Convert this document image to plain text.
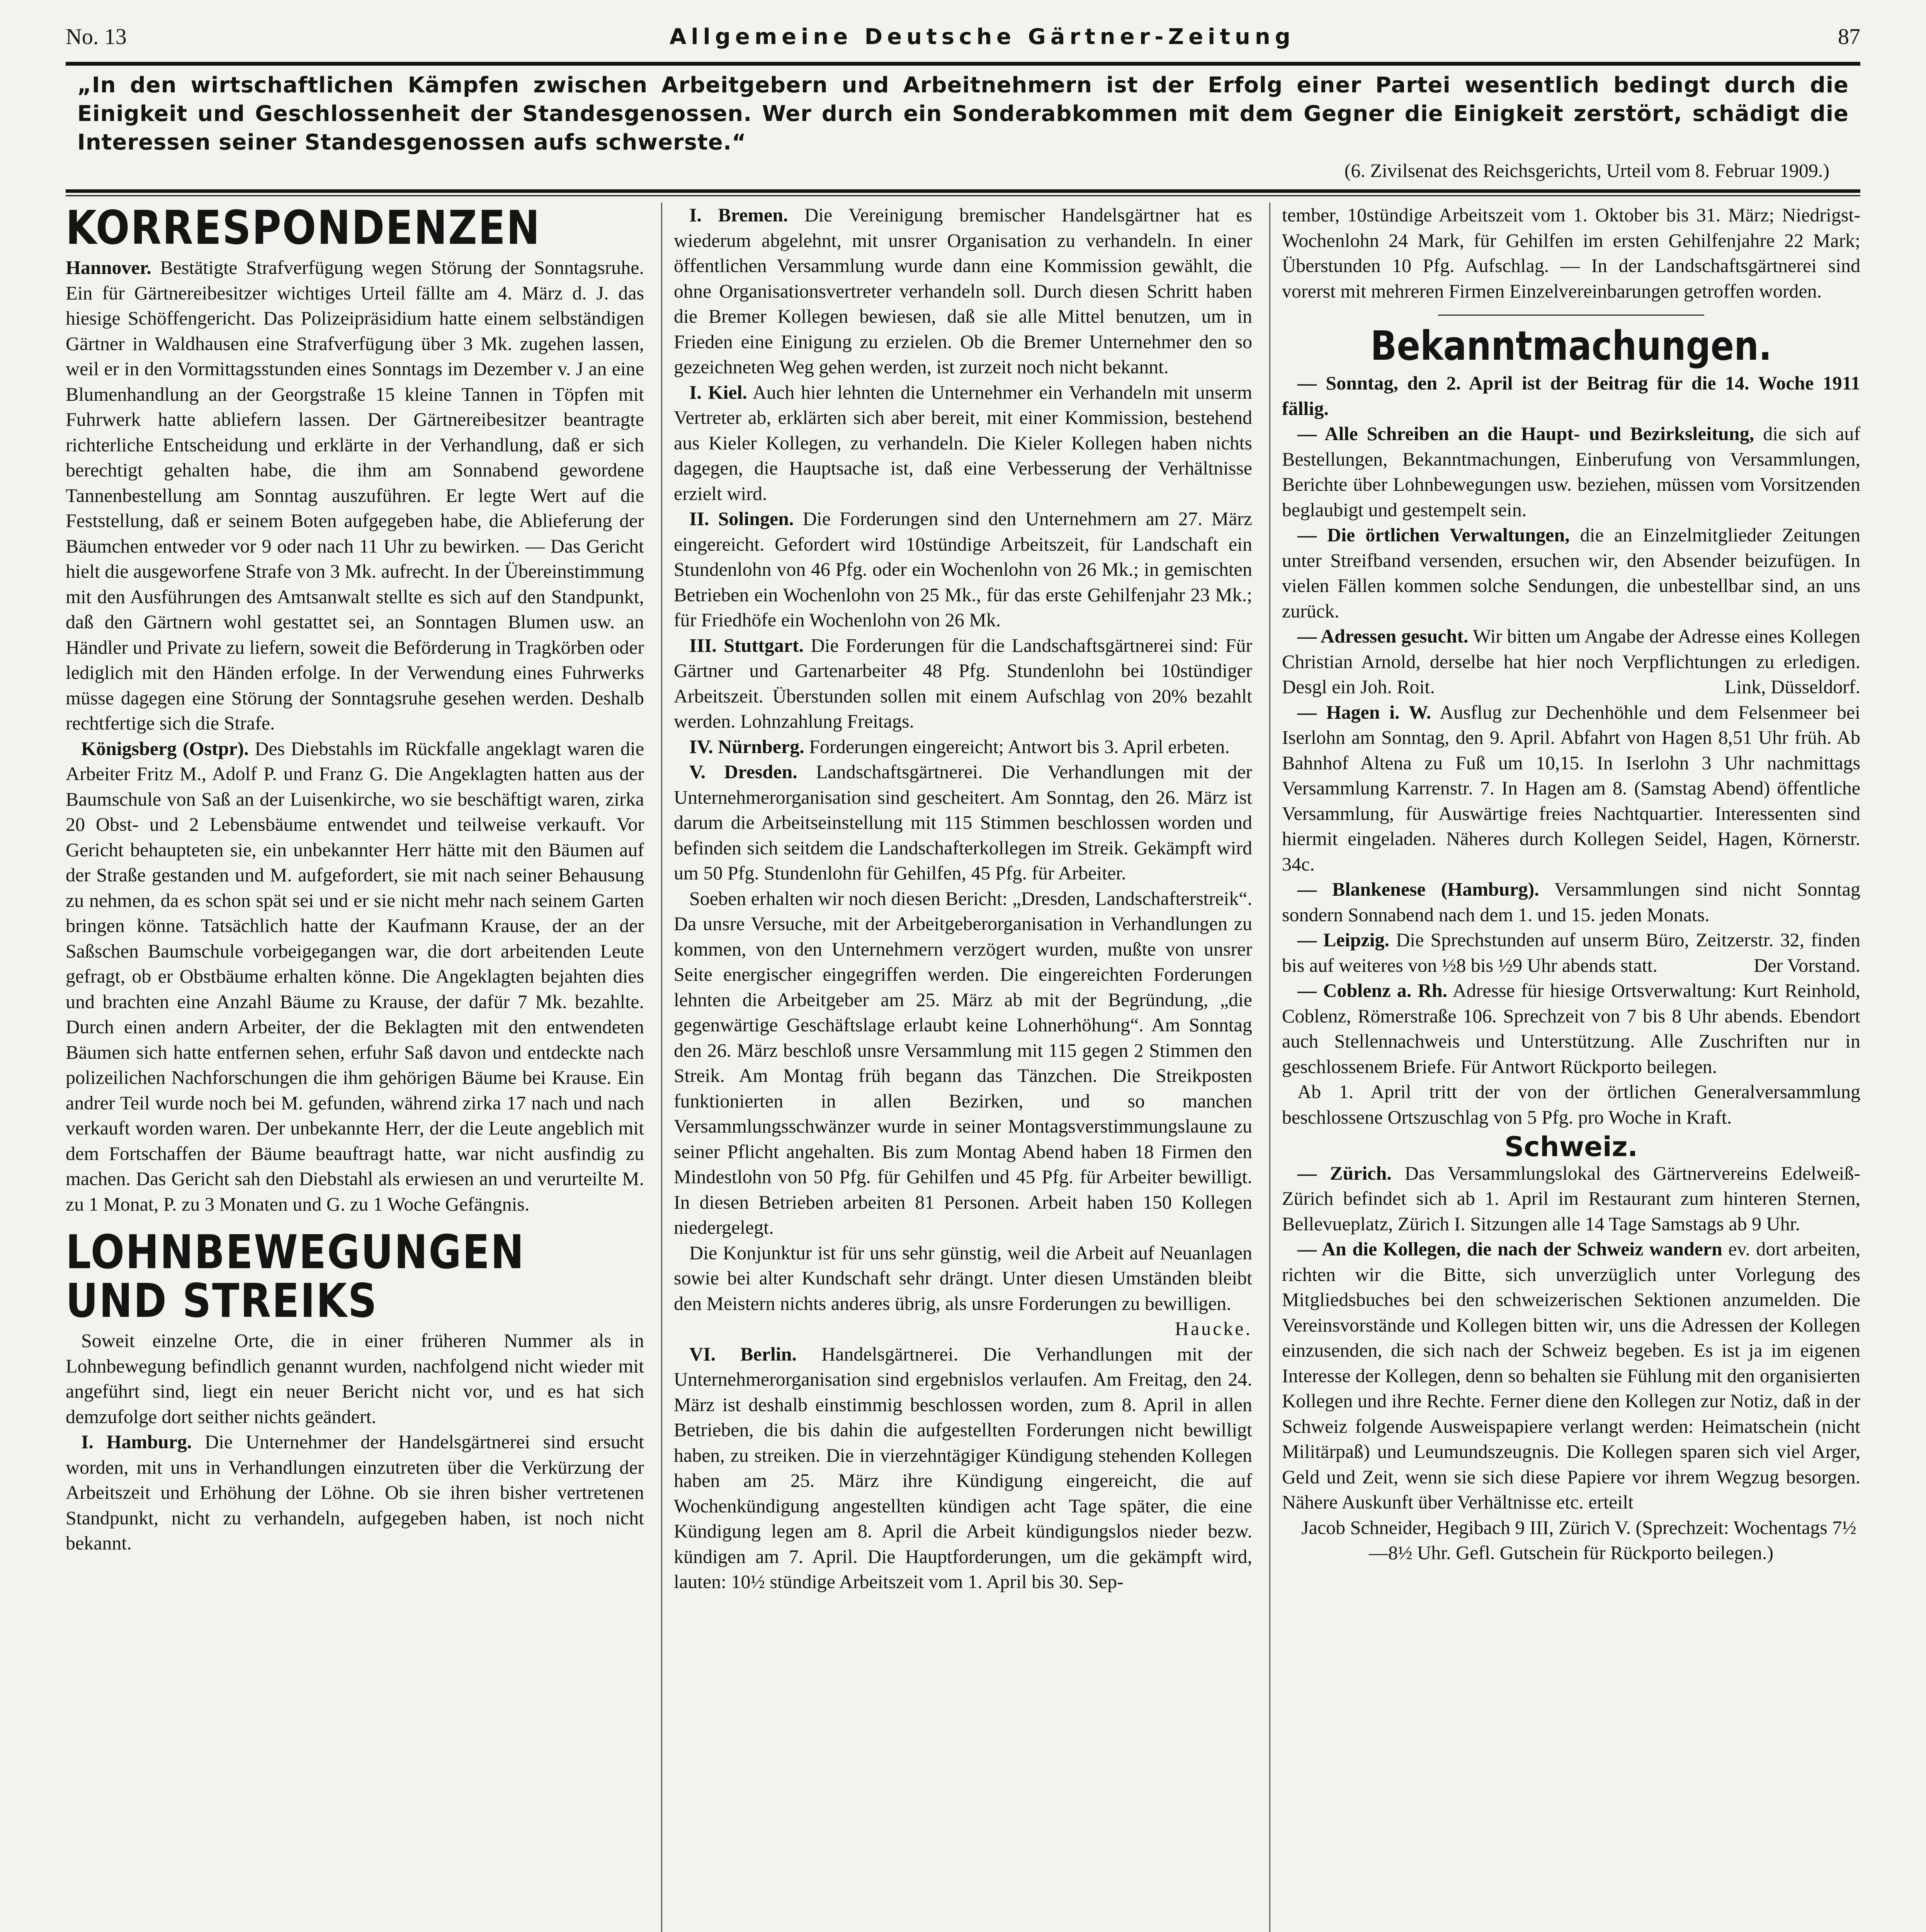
No. 13	Allgemeine Deutsche Gärtner-Zeitung	87
„In den wirtschaftlichen Kämpfen zwischen Arbeitgebern und Arbeitnehmern ist der Erfolg einer Partei wesentlich bedingt durch die Einigkeit und Geschlossenheit der Standesgenossen. Wer durch ein Sonderabkommen mit dem Gegner die Einigkeit zerstört, schädigt die Interessen seiner Standesgenossen aufs schwerste.“
(6. Zivilsenat des Reichsgerichts, Urteil vom 8. Februar 1909.)
KORRESPONDENZEN

Hannover. Bestätigte Strafverfügung wegen Störung der Sonntagsruhe. Ein für Gärtnereibesitzer wichtiges Urteil fällte am 4. März d. J. das hiesige Schöffengericht. Das Polizeipräsidium hatte einem selbständigen Gärtner in Waldhausen eine Strafverfügung über 3 Mk. zugehen lassen, weil er in den Vormittagsstunden eines Sonntags im Dezember v. J an eine Blumenhandlung an der Georgstraße 15 kleine Tannen in Töpfen mit Fuhrwerk hatte abliefern lassen. Der Gärtnereibesitzer beantragte richterliche Entscheidung und erklärte in der Verhandlung, daß er sich berechtigt gehalten habe, die ihm am Sonnabend gewordene Tannenbestellung am Sonntag auszuführen. Er legte Wert auf die Feststellung, daß er seinem Boten aufgegeben habe, die Ablieferung der Bäumchen entweder vor 9 oder nach 11 Uhr zu bewirken. — Das Gericht hielt die ausgeworfene Strafe von 3 Mk. aufrecht. In der Übereinstimmung mit den Ausführungen des Amtsanwalt stellte es sich auf den Standpunkt, daß den Gärtnern wohl gestattet sei, an Sonntagen Blumen usw. an Händler und Private zu liefern, soweit die Beförderung in Tragkörben oder lediglich mit den Händen erfolge. In der Verwendung eines Fuhrwerks müsse dagegen eine Störung der Sonntagsruhe gesehen werden. Deshalb rechtfertige sich die Strafe.

Königsberg (Ostpr). Des Diebstahls im Rückfalle angeklagt waren die Arbeiter Fritz M., Adolf P. und Franz G. Die Angeklagten hatten aus der Baumschule von Saß an der Luisenkirche, wo sie beschäftigt waren, zirka 20 Obst- und 2 Lebensbäume entwendet und teilweise verkauft. Vor Gericht behaupteten sie, ein unbekannter Herr hätte mit den Bäumen auf der Straße gestanden und M. aufgefordert, sie mit nach seiner Behausung zu nehmen, da es schon spät sei und er sie nicht mehr nach seinem Garten bringen könne. Tatsächlich hatte der Kaufmann Krause, der an der Saßschen Baumschule vorbeigegangen war, die dort arbeitenden Leute gefragt, ob er Obstbäume erhalten könne. Die Angeklagten bejahten dies und brachten eine Anzahl Bäume zu Krause, der dafür 7 Mk. bezahlte. Durch einen andern Arbeiter, der die Beklagten mit den entwendeten Bäumen sich hatte entfernen sehen, erfuhr Saß davon und entdeckte nach polizeilichen Nachforschungen die ihm gehörigen Bäume bei Krause. Ein andrer Teil wurde noch bei M. gefunden, während zirka 17 nach und nach verkauft worden waren. Der unbekannte Herr, der die Leute angeblich mit dem Fortschaffen der Bäume beauftragt hatte, war nicht ausfindig zu machen. Das Gericht sah den Diebstahl als erwiesen an und verurteilte M. zu 1 Monat, P. zu 3 Monaten und G. zu 1 Woche Gefängnis.

LOHNBEWEGUNGEN
UND STREIKS

Soweit einzelne Orte, die in einer früheren Nummer als in Lohnbewegung befindlich genannt wurden, nachfolgend nicht wieder mit angeführt sind, liegt ein neuer Bericht nicht vor, und es hat sich demzufolge dort seither nichts geändert.

I. Hamburg. Die Unternehmer der Handelsgärtnerei sind ersucht worden, mit uns in Verhandlungen einzutreten über die Verkürzung der Arbeitszeit und Erhöhung der Löhne. Ob sie ihren bisher vertretenen Standpunkt, nicht zu verhandeln, aufgegeben haben, ist noch nicht bekannt.

I. Bremen. Die Vereinigung bremischer Handelsgärtner hat es wiederum abgelehnt, mit unsrer Organisation zu verhandeln. In einer öffentlichen Versammlung wurde dann eine Kommission gewählt, die ohne Organisationsvertreter verhandeln soll. Durch diesen Schritt haben die Bremer Kollegen bewiesen, daß sie alle Mittel benutzen, um in Frieden eine Einigung zu erzielen. Ob die Bremer Unternehmer den so gezeichneten Weg gehen werden, ist zurzeit noch nicht bekannt.

I. Kiel. Auch hier lehnten die Unternehmer ein Verhandeln mit unserm Vertreter ab, erklärten sich aber bereit, mit einer Kommission, bestehend aus Kieler Kollegen, zu verhandeln. Die Kieler Kollegen haben nichts dagegen, die Hauptsache ist, daß eine Verbesserung der Verhältnisse erzielt wird.

II. Solingen. Die Forderungen sind den Unternehmern am 27. März eingereicht. Gefordert wird 10stündige Arbeitszeit, für Landschaft ein Stundenlohn von 46 Pfg. oder ein Wochenlohn von 26 Mk.; in gemischten Betrieben ein Wochenlohn von 25 Mk., für das erste Gehilfenjahr 23 Mk.; für Friedhöfe ein Wochenlohn von 26 Mk.

III. Stuttgart. Die Forderungen für die Landschaftsgärtnerei sind: Für Gärtner und Gartenarbeiter 48 Pfg. Stundenlohn bei 10stündiger Arbeitszeit. Überstunden sollen mit einem Aufschlag von 20% bezahlt werden. Lohnzahlung Freitags.

IV. Nürnberg. Forderungen eingereicht; Antwort bis 3. April erbeten.

V. Dresden. Landschaftsgärtnerei. Die Verhandlungen mit der Unternehmerorganisation sind gescheitert. Am Sonntag, den 26. März ist darum die Arbeitseinstellung mit 115 Stimmen beschlossen worden und befinden sich seitdem die Landschafterkollegen im Streik. Gekämpft wird um 50 Pfg. Stundenlohn für Gehilfen, 45 Pfg. für Arbeiter.

Soeben erhalten wir noch diesen Bericht: „Dresden, Landschafterstreik“. Da unsre Versuche, mit der Arbeitgeberorganisation in Verhandlungen zu kommen, von den Unternehmern verzögert wurden, mußte von unsrer Seite energischer eingegriffen werden. Die eingereichten Forderungen lehnten die Arbeitgeber am 25. März ab mit der Begründung, „die gegenwärtige Geschäftslage erlaubt keine Lohnerhöhung“. Am Sonntag den 26. März beschloß unsre Versammlung mit 115 gegen 2 Stimmen den Streik. Am Montag früh begann das Tänzchen. Die Streikposten funktionierten in allen Bezirken, und so manchen Versammlungsschwänzer wurde in seiner Montagsverstimmungslaune zu seiner Pflicht angehalten. Bis zum Montag Abend haben 18 Firmen den Mindestlohn von 50 Pfg. für Gehilfen und 45 Pfg. für Arbeiter bewilligt. In diesen Betrieben arbeiten 81 Personen. Arbeit haben 150 Kollegen niedergelegt.

Die Konjunktur ist für uns sehr günstig, weil die Arbeit auf Neuanlagen sowie bei alter Kundschaft sehr drängt. Unter diesen Umständen bleibt den Meistern nichts anderes übrig, als unsre Forderungen zu bewilligen.
Haucke.

VI. Berlin. Handelsgärtnerei. Die Verhandlungen mit der Unternehmerorganisation sind ergebnislos verlaufen. Am Freitag, den 24. März ist deshalb einstimmig beschlossen worden, zum 8. April in allen Betrieben, die bis dahin die aufgestellten Forderungen nicht bewilligt haben, zu streiken. Die in vierzehntägiger Kündigung stehenden Kollegen haben am 25. März ihre Kündigung eingereicht, die auf Wochenkündigung angestellten kündigen acht Tage später, die eine Kündigung legen am 8. April die Arbeit kündigungslos nieder bezw. kündigen am 7. April. Die Hauptforderungen, um die gekämpft wird, lauten: 10½ stündige Arbeitszeit vom 1. April bis 30. Sep-

tember, 10stündige Arbeitszeit vom 1. Oktober bis 31. März; Niedrigst-Wochenlohn 24 Mark, für Gehilfen im ersten Gehilfenjahre 22 Mark; Überstunden 10 Pfg. Aufschlag. — In der Landschaftsgärtnerei sind vorerst mit mehreren Firmen Einzelvereinbarungen getroffen worden.

Bekanntmachungen.

— Sonntag, den 2. April ist der Beitrag für die 14. Woche 1911 fällig.

— Alle Schreiben an die Haupt- und Bezirksleitung, die sich auf Bestellungen, Bekanntmachungen, Einberufung von Versammlungen, Berichte über Lohnbewegungen usw. beziehen, müssen vom Vorsitzenden beglaubigt und gestempelt sein.

— Die örtlichen Verwaltungen, die an Einzelmitglieder Zeitungen unter Streifband versenden, ersuchen wir, den Absender beizufügen. In vielen Fällen kommen solche Sendungen, die unbestellbar sind, an uns zurück.

— Adressen gesucht. Wir bitten um Angabe der Adresse eines Kollegen Christian Arnold, derselbe hat hier noch Verpflichtungen zu erledigen. Desgl ein Joh. Roit.	Link, Düsseldorf.

— Hagen i. W. Ausflug zur Dechenhöhle und dem Felsenmeer bei Iserlohn am Sonntag, den 9. April. Abfahrt von Hagen 8,51 Uhr früh. Ab Bahnhof Altena zu Fuß um 10,15. In Iserlohn 3 Uhr nachmittags Versammlung Karrenstr. 7. In Hagen am 8. (Samstag Abend) öffentliche Versammlung, für Auswärtige freies Nachtquartier. Interessenten sind hiermit eingeladen. Näheres durch Kollegen Seidel, Hagen, Körnerstr. 34c.

— Blankenese (Hamburg). Versammlungen sind nicht Sonntag sondern Sonnabend nach dem 1. und 15. jeden Monats.

— Leipzig. Die Sprechstunden auf unserm Büro, Zeitzerstr. 32, finden bis auf weiteres von ½8 bis ½9 Uhr abends statt.	Der Vorstand.

— Coblenz a. Rh. Adresse für hiesige Ortsverwaltung: Kurt Reinhold, Coblenz, Römerstraße 106. Sprechzeit von 7 bis 8 Uhr abends. Ebendort auch Stellennachweis und Unterstützung. Alle Zuschriften nur in geschlossenem Briefe. Für Antwort Rückporto beilegen.

Ab 1. April tritt der von der örtlichen Generalversammlung beschlossene Ortszuschlag von 5 Pfg. pro Woche in Kraft.

Schweiz.

— Zürich. Das Versammlungslokal des Gärtnervereins Edelweiß-Zürich befindet sich ab 1. April im Restaurant zum hinteren Sternen, Bellevueplatz, Zürich I. Sitzungen alle 14 Tage Samstags ab 9 Uhr.

— An die Kollegen, die nach der Schweiz wandern ev. dort arbeiten, richten wir die Bitte, sich unverzüglich unter Vorlegung des Mitgliedsbuches bei den schweizerischen Sektionen anzumelden. Die Vereinsvorstände und Kollegen bitten wir, uns die Adressen der Kollegen einzusenden, die sich nach der Schweiz begeben. Es ist ja im eigenen Interesse der Kollegen, denn so behalten sie Fühlung mit den organisierten Kollegen und ihre Rechte. Ferner diene den Kollegen zur Notiz, daß in der Schweiz folgende Ausweispapiere verlangt werden: Heimatschein (nicht Militärpaß) und Leumundszeugnis. Die Kollegen sparen sich viel Arger, Geld und Zeit, wenn sie sich diese Papiere vor ihrem Wegzug besorgen. Nähere Auskunft über Verhältnisse etc. erteilt

Jacob Schneider, Hegibach 9 III, Zürich V. (Sprechzeit: Wochentags 7½—8½ Uhr. Gefl. Gutschein für Rückporto beilegen.)
